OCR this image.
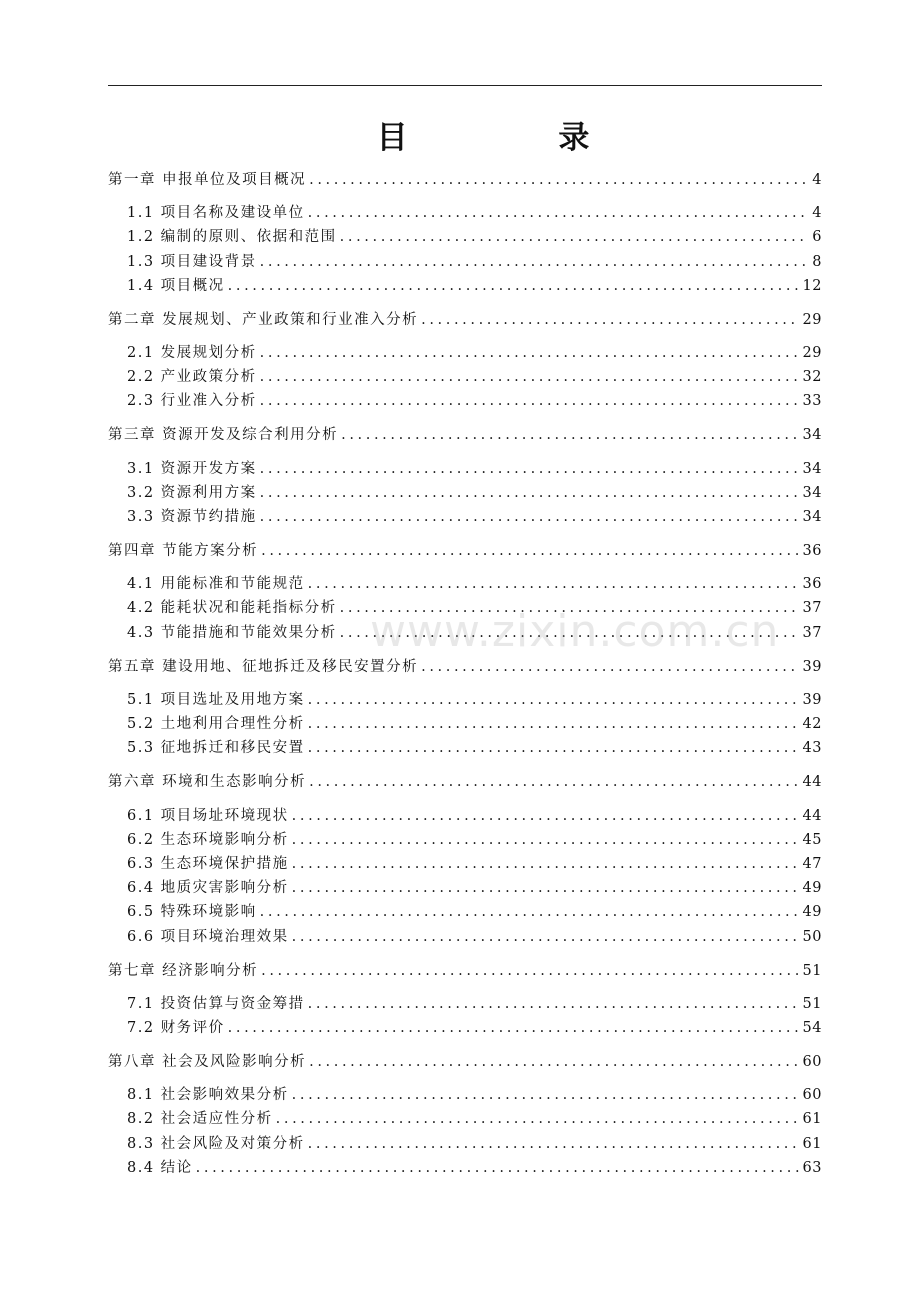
目 录
第一章 申报单位及项目概况 .....	4
1.1 项目名称及建设单位 .....	4
1.2 编制的原则、依据和范围 .....	6
1.3 项目建设背景 .....	8
1.4 项目概况 .....	12
第二章 发展规划、产业政策和行业准入分析 .....	29
2.1 发展规划分析 .....	29
2.2 产业政策分析 .....	32
2.3 行业准入分析 .....	33
第三章 资源开发及综合利用分析 .....	34
3.1 资源开发方案 .....	34
3.2 资源利用方案 .....	34
3.3 资源节约措施 .....	34
第四章 节能方案分析 .....	36
4.1 用能标准和节能规范 .....	36
4.2 能耗状况和能耗指标分析 .....	37
4.3 节能措施和节能效果分析 .....	37
第五章 建设用地、征地拆迁及移民安置分析 .....	39
5.1 项目选址及用地方案 .....	39
5.2 土地利用合理性分析 .....	42
5.3 征地拆迁和移民安置 .....	43
第六章 环境和生态影响分析 .....	44
6.1 项目场址环境现状 .....	44
6.2 生态环境影响分析 .....	45
6.3 生态环境保护措施 .....	47
6.4 地质灾害影响分析 .....	49
6.5 特殊环境影响 .....	49
6.6 项目环境治理效果 .....	50
第七章 经济影响分析 .....	51
7.1 投资估算与资金筹措 .....	51
7.2 财务评价 .....	54
第八章 社会及风险影响分析 .....	60
8.1 社会影响效果分析 .....	60
8.2 社会适应性分析 .....	61
8.3 社会风险及对策分析 .....	61
8.4 结论 .....	63
www.zixin.com.cn
